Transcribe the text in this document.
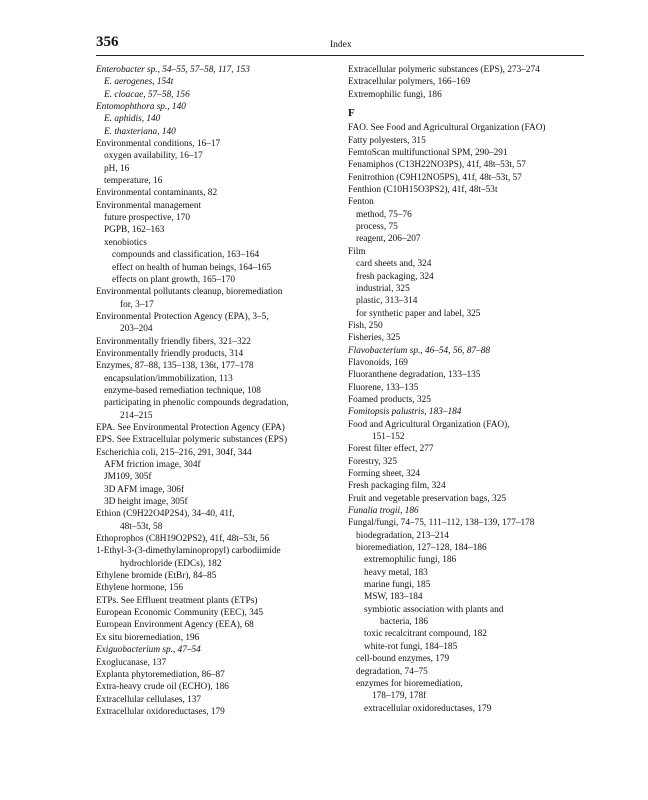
356	Index
Enterobacter sp., 54–55, 57–58, 117, 153
E. aerogenes, 154t
E. cloacae, 57–58, 156
Entomophthora sp., 140
E. aphidis, 140
E. thaxteriana, 140
Environmental conditions, 16–17
oxygen availability, 16–17
pH, 16
temperature, 16
Environmental contaminants, 82
Environmental management
future prospective, 170
PGPB, 162–163
xenobiotics
compounds and classification, 163–164
effect on health of human beings, 164–165
effects on plant growth, 165–170
Environmental pollutants cleanup, bioremediation
for, 3–17
Environmental Protection Agency (EPA), 3–5,
203–204
Environmentally friendly fibers, 321–322
Environmentally friendly products, 314
Enzymes, 87–88, 135–138, 136t, 177–178
encapsulation/immobilization, 113
enzyme-based remediation technique, 108
participating in phenolic compounds degradation,
214–215
EPA. See Environmental Protection Agency (EPA)
EPS. See Extracellular polymeric substances (EPS)
Escherichia coli, 215–216, 291, 304f, 344
AFM friction image, 304f
JM109, 305f
3D AFM image, 306f
3D height image, 305f
Ethion (C9H22O4P2S4), 34–40, 41f,
48t–53t, 58
Ethoprophos (C8H19O2PS2), 41f, 48t–53t, 56
1-Ethyl-3-(3-dimethylaminopropyl) carbodiimide
hydrochloride (EDCs), 182
Ethylene bromide (EtBr), 84–85
Ethylene hormone, 156
ETPs. See Effluent treatment plants (ETPs)
European Economic Community (EEC), 345
European Environment Agency (EEA), 68
Ex situ bioremediation, 196
Exiguobacterium sp., 47–54
Exoglucanase, 137
Explanta phytoremediation, 86–87
Extra-heavy crude oil (ECHO), 186
Extracellular cellulases, 137
Extracellular oxidoreductases, 179
Extracellular polymeric substances (EPS), 273–274
Extracellular polymers, 166–169
Extremophilic fungi, 186
F
FAO. See Food and Agricultural Organization (FAO)
Fatty polyesters, 315
FemtoScan multifunctional SPM, 290–291
Fenamiphos (C13H22NO3PS), 41f, 48t–53t, 57
Fenitrothion (C9H12NO5PS), 41f, 48t–53t, 57
Fenthion (C10H15O3PS2), 41f, 48t–53t
Fenton
method, 75–76
process, 75
reagent, 206–207
Film
card sheets and, 324
fresh packaging, 324
industrial, 325
plastic, 313–314
for synthetic paper and label, 325
Fish, 250
Fisheries, 325
Flavobacterium sp., 46–54, 56, 87–88
Flavonoids, 169
Fluoranthene degradation, 133–135
Fluorene, 133–135
Foamed products, 325
Fomitopsis palustris, 183–184
Food and Agricultural Organization (FAO),
151–152
Forest filter effect, 277
Forestry, 325
Forming sheet, 324
Fresh packaging film, 324
Fruit and vegetable preservation bags, 325
Funalia trogii, 186
Fungal/fungi, 74–75, 111–112, 138–139, 177–178
biodegradation, 213–214
bioremediation, 127–128, 184–186
extremophilic fungi, 186
heavy metal, 183
marine fungi, 185
MSW, 183–184
symbiotic association with plants and
bacteria, 186
toxic recalcitrant compound, 182
white-rot fungi, 184–185
cell-bound enzymes, 179
degradation, 74–75
enzymes for bioremediation,
178–179, 178f
extracellular oxidoreductases, 179
